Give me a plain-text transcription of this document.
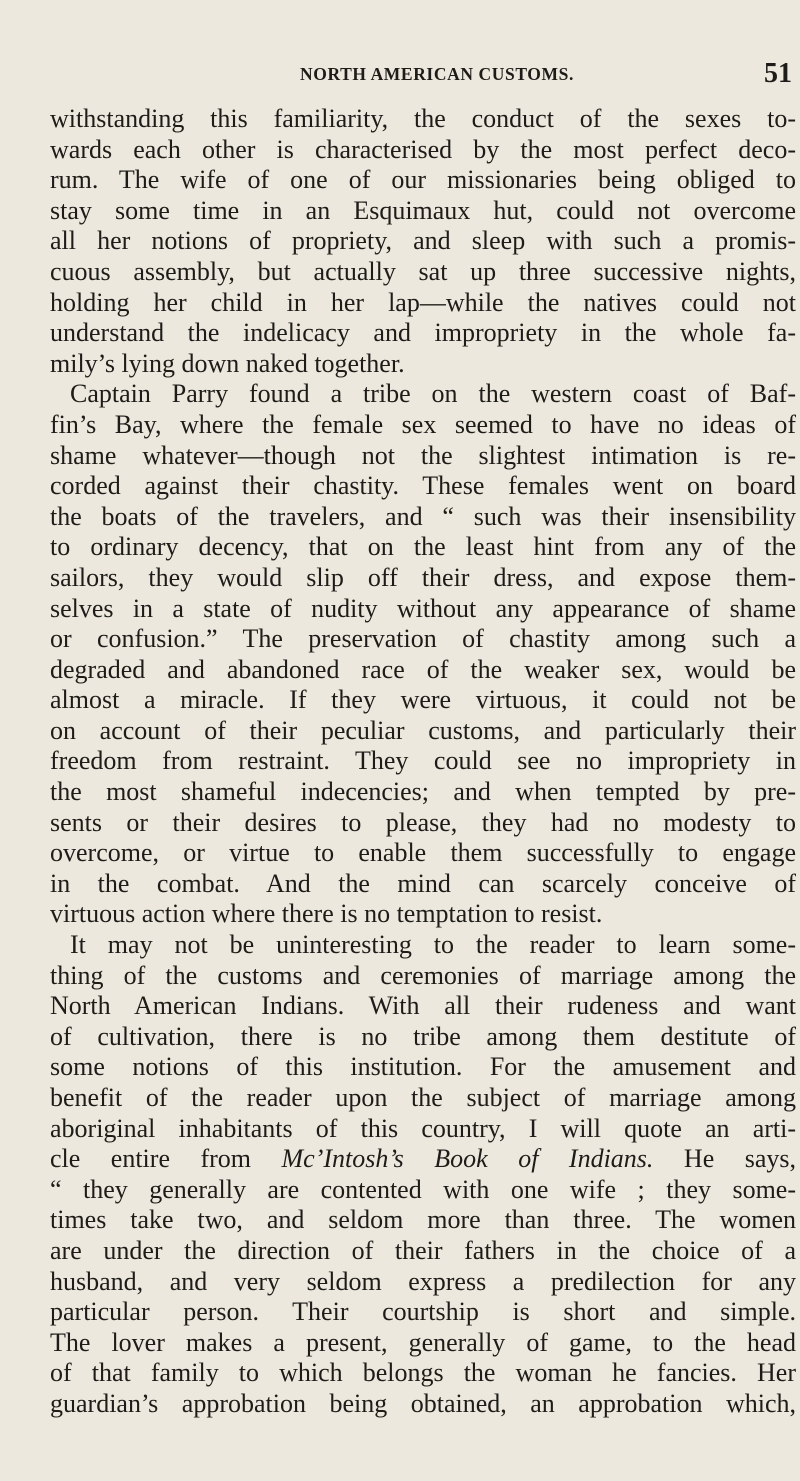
NORTH AMERICAN CUSTOMS.	51
withstanding this familiarity, the conduct of the sexes to-
wards each other is characterised by the most perfect deco-
rum. The wife of one of our missionaries being obliged to
stay some time in an Esquimaux hut, could not overcome
all her notions of propriety, and sleep with such a promis-
cuous assembly, but actually sat up three successive nights,
holding her child in her lap—while the natives could not
understand the indelicacy and impropriety in the whole fa-
mily’s lying down naked together.
Captain Parry found a tribe on the western coast of Baf-
fin’s Bay, where the female sex seemed to have no ideas of
shame whatever—though not the slightest intimation is re-
corded against their chastity. These females went on board
the boats of the travelers, and “ such was their insensibility
to ordinary decency, that on the least hint from any of the
sailors, they would slip off their dress, and expose them-
selves in a state of nudity without any appearance of shame
or confusion.” The preservation of chastity among such a
degraded and abandoned race of the weaker sex, would be
almost a miracle. If they were virtuous, it could not be
on account of their peculiar customs, and particularly their
freedom from restraint. They could see no impropriety in
the most shameful indecencies; and when tempted by pre-
sents or their desires to please, they had no modesty to
overcome, or virtue to enable them successfully to engage
in the combat. And the mind can scarcely conceive of
virtuous action where there is no temptation to resist.
It may not be uninteresting to the reader to learn some-
thing of the customs and ceremonies of marriage among the
North American Indians. With all their rudeness and want
of cultivation, there is no tribe among them destitute of
some notions of this institution. For the amusement and
benefit of the reader upon the subject of marriage among
aboriginal inhabitants of this country, I will quote an arti-
cle entire from Mc’Intosh’s Book of Indians. He says,
“ they generally are contented with one wife ; they some-
times take two, and seldom more than three. The women
are under the direction of their fathers in the choice of a
husband, and very seldom express a predilection for any
particular person. Their courtship is short and simple.
The lover makes a present, generally of game, to the head
of that family to which belongs the woman he fancies. Her
guardian’s approbation being obtained, an approbation which,
